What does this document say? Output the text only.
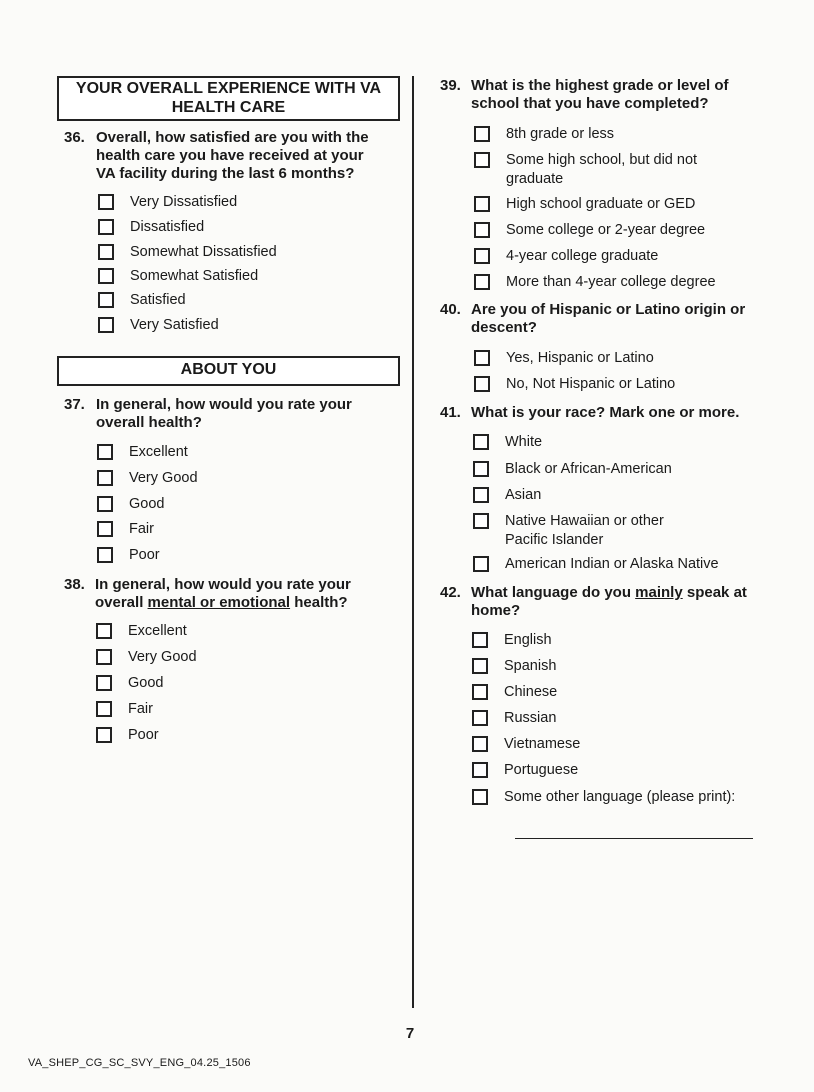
YOUR OVERALL EXPERIENCE WITH VA HEALTH CARE
36. Overall, how satisfied are you with the health care you have received at your VA facility during the last 6 months?
Very Dissatisfied
Dissatisfied
Somewhat Dissatisfied
Somewhat Satisfied
Satisfied
Very Satisfied
ABOUT YOU
37. In general, how would you rate your overall health?
Excellent
Very Good
Good
Fair
Poor
38. In general, how would you rate your overall mental or emotional health?
Excellent
Very Good
Good
Fair
Poor
39. What is the highest grade or level of school that you have completed?
8th grade or less
Some high school, but did not graduate
High school graduate or GED
Some college or 2-year degree
4-year college graduate
More than 4-year college degree
40. Are you of Hispanic or Latino origin or descent?
Yes, Hispanic or Latino
No, Not Hispanic or Latino
41. What is your race? Mark one or more.
White
Black or African-American
Asian
Native Hawaiian or other Pacific Islander
American Indian or Alaska Native
42. What language do you mainly speak at home?
English
Spanish
Chinese
Russian
Vietnamese
Portuguese
Some other language (please print):
7
VA_SHEP_CG_SC_SVY_ENG_04.25_1506
